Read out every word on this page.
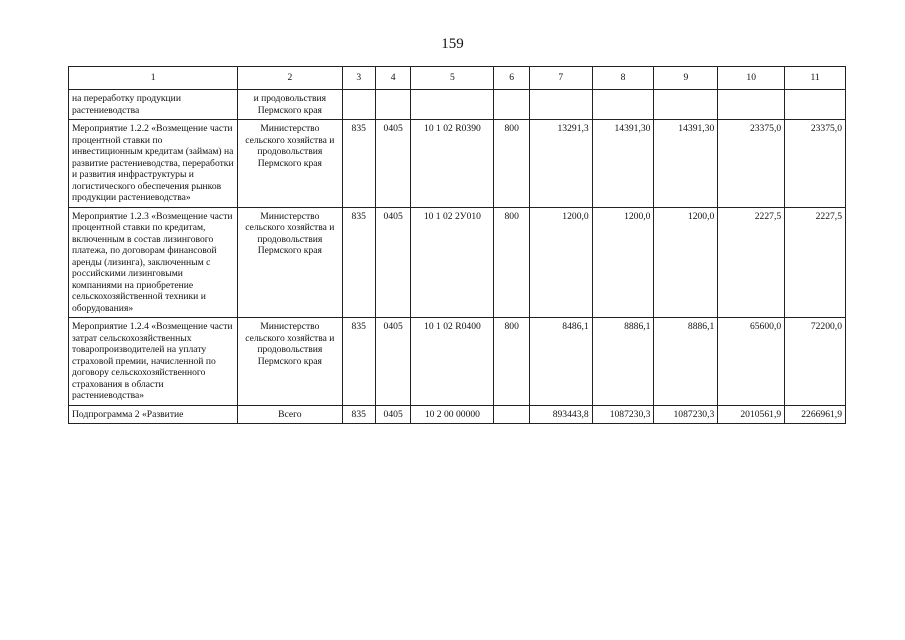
159
1	2	3	4	5	6	7	8	9	10	11
на переработку продукции растениеводства	и продовольствия Пермского края									
Мероприятие 1.2.2 «Возмещение части процентной ставки по инвестиционным кредитам (займам) на развитие растениеводства, переработки и развития инфраструктуры и логистического обеспечения рынков продукции растениеводства»	Министерство сельского хозяйства и продовольствия Пермского края	835	0405	10 1 02 R0390	800	13291,3	14391,30	14391,30	23375,0	23375,0
Мероприятие 1.2.3 «Возмещение части процентной ставки по кредитам, включенным в состав лизингового платежа, по договорам финансовой аренды (лизинга), заключенным с российскими лизинговыми компаниями на приобретение сельскохозяйственной техники и оборудования»	Министерство сельского хозяйства и продовольствия Пермского края	835	0405	10 1 02 2У010	800	1200,0	1200,0	1200,0	2227,5	2227,5
Мероприятие 1.2.4 «Возмещение части затрат сельскохозяйственных товаропроизводителей на уплату страховой премии, начисленной по договору сельскохозяйственного страхования в области растениеводства»	Министерство сельского хозяйства и продовольствия Пермского края	835	0405	10 1 02 R0400	800	8486,1	8886,1	8886,1	65600,0	72200,0
Подпрограмма 2 «Развитие	Всего	835	0405	10 2 00 00000		893443,8	1087230,3	1087230,3	2010561,9	2266961,9
